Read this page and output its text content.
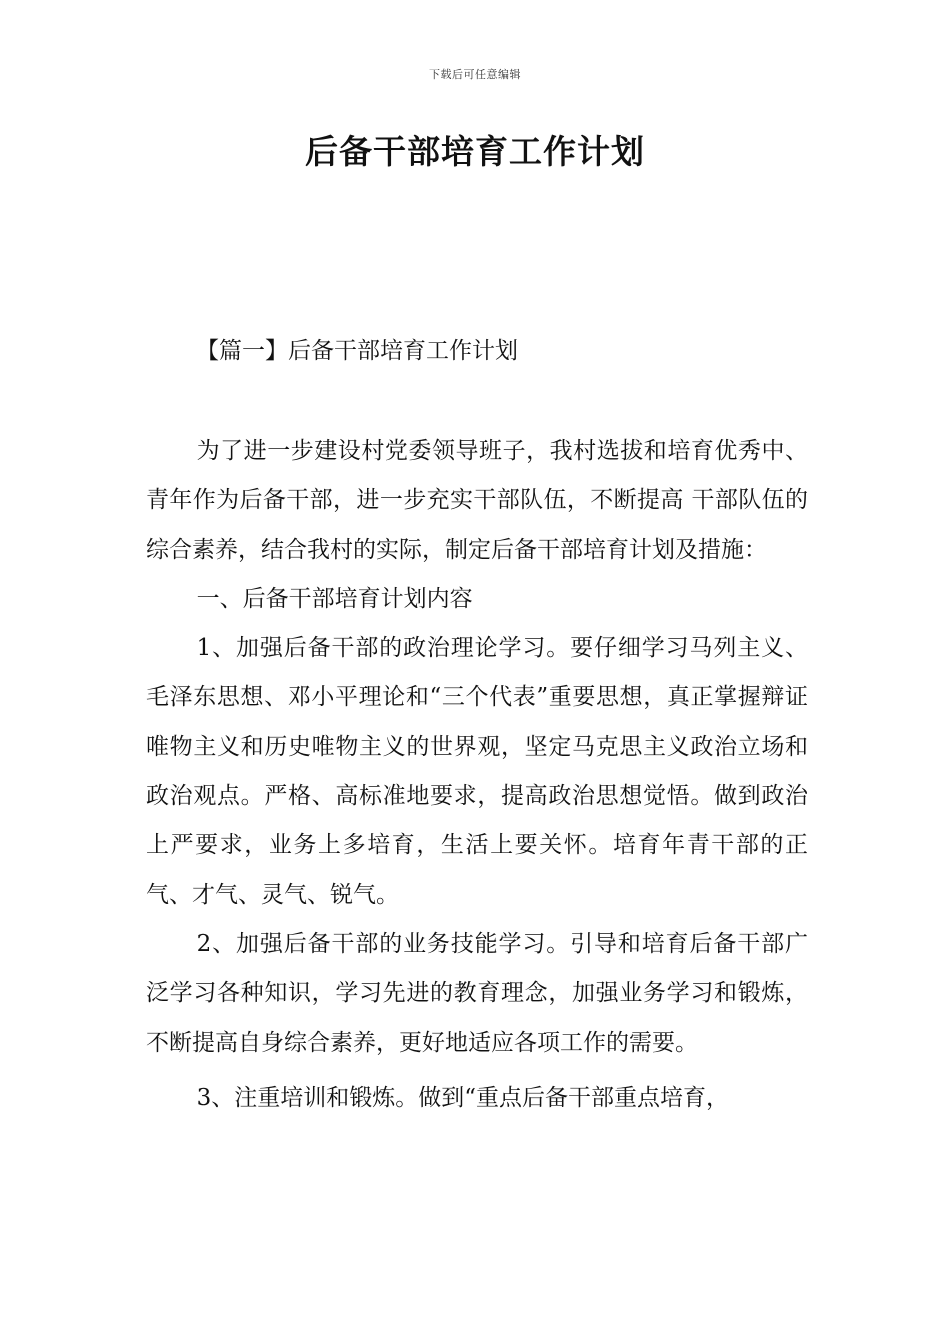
下载后可任意编辑
后备干部培育工作计划
【篇一】后备干部培育工作计划

为了进一步建设村党委领导班子，我村选拔和培育优秀中、青年作为后备干部，进一步充实干部队伍，不断提高 干部队伍的综合素养，结合我村的实际，制定后备干部培育计划及措施：

一、后备干部培育计划内容

1、加强后备干部的政治理论学习。要仔细学习马列主义、毛泽东思想、邓小平理论和“三个代表”重要思想，真正掌握辩证唯物主义和历史唯物主义的世界观，坚定马克思主义政治立场和政治观点。严格、高标准地要求，提高政治思想觉悟。做到政治上严要求，业务上多培育，生活上要关怀。培育年青干部的正气、才气、灵气、锐气。

2、加强后备干部的业务技能学习。引导和培育后备干部广泛学习各种知识，学习先进的教育理念，加强业务学习和锻炼，不断提高自身综合素养，更好地适应各项工作的需要。

3、注重培训和锻炼。做到“重点后备干部重点培育，
